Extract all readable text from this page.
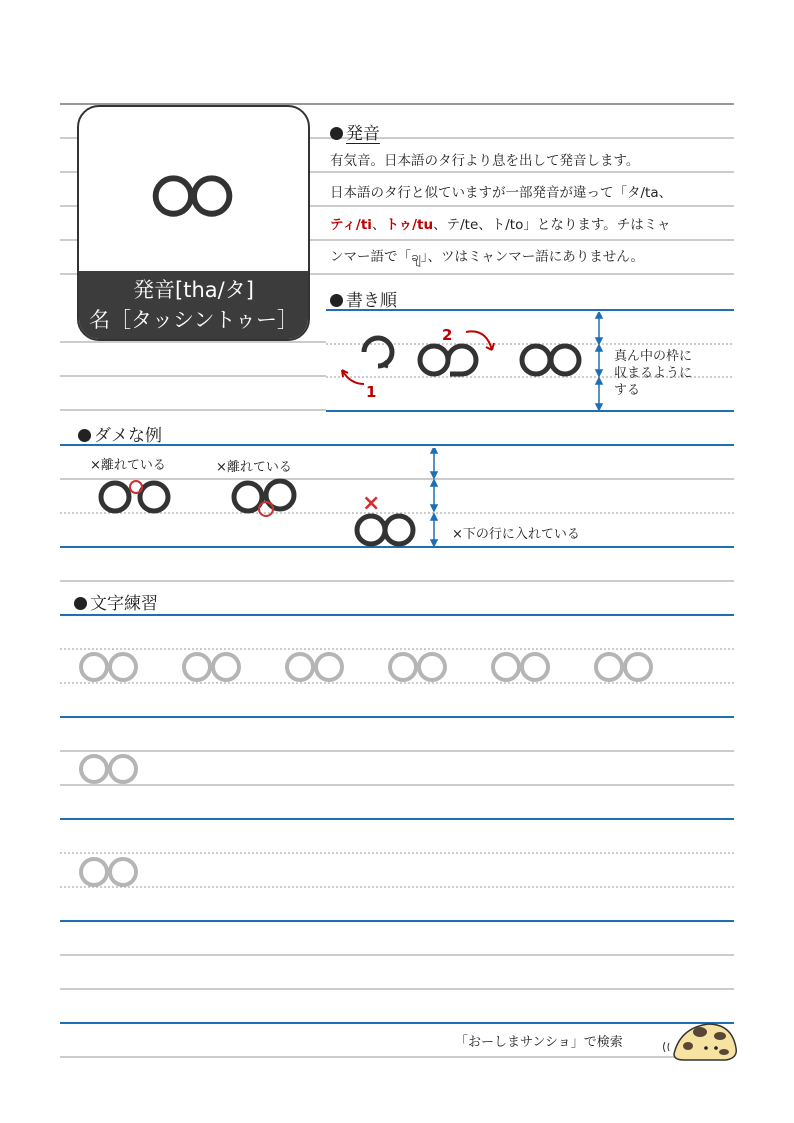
発音[tha/タ]
名［タッシントゥー］
発音
有気音。日本語のタ行より息を出して発音します。
日本語のタ行と似ていますが一部発音が違って「タ/ta、
ティ/ti、トゥ/tu、テ/te、ト/to」となります。チはミャ
ンマー語で「ချ」、ツはミャンマー語にありません。
書き順
1
2
真ん中の枠に
収まるように
する
ダメな例
×離れている	×離れている
×下の行に入れている
×
文字練習
「おーしまサンショ」で検索
